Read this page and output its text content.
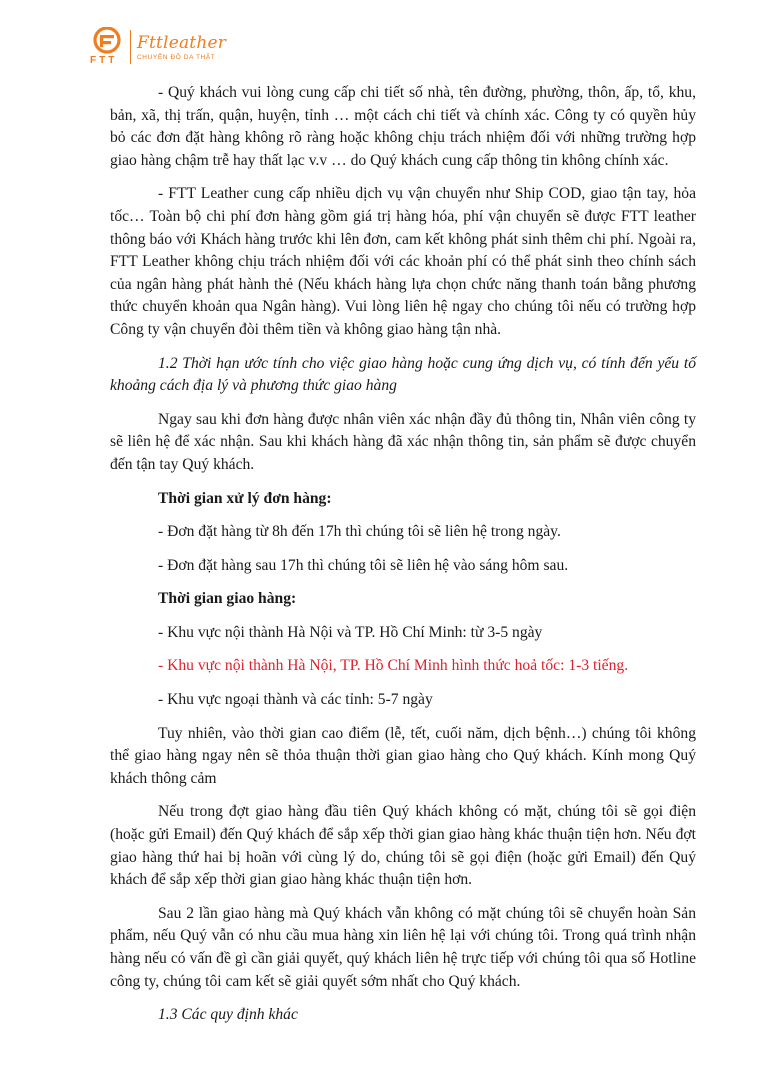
FTT
Fttleather
CHUYÊN ĐỒ DA THẬT

- Quý khách vui lòng cung cấp chi tiết số nhà, tên đường, phường, thôn, ấp, tổ, khu, bản, xã, thị trấn, quận, huyện, tỉnh … một cách chi tiết và chính xác. Công ty có quyền hủy bỏ các đơn đặt hàng không rõ ràng hoặc không chịu trách nhiệm đối với những trường hợp giao hàng chậm trễ hay thất lạc v.v … do Quý khách cung cấp thông tin không chính xác.

- FTT Leather cung cấp nhiều dịch vụ vận chuyển như Ship COD, giao tận tay, hỏa tốc… Toàn bộ chi phí đơn hàng gồm giá trị hàng hóa, phí vận chuyển sẽ được FTT leather thông báo với Khách hàng trước khi lên đơn, cam kết không phát sinh thêm chi phí. Ngoài ra, FTT Leather không chịu trách nhiệm đối với các khoản phí có thể phát sinh theo chính sách của ngân hàng phát hành thẻ (Nếu khách hàng lựa chọn chức năng thanh toán bằng phương thức chuyển khoản qua Ngân hàng). Vui lòng liên hệ ngay cho chúng tôi nếu có trường hợp Công ty vận chuyển đòi thêm tiền và không giao hàng tận nhà.

1.2 Thời hạn ước tính cho việc giao hàng hoặc cung ứng dịch vụ, có tính đến yếu tố khoảng cách địa lý và phương thức giao hàng

Ngay sau khi đơn hàng được nhân viên xác nhận đầy đủ thông tin, Nhân viên công ty sẽ liên hệ để xác nhận. Sau khi khách hàng đã xác nhận thông tin, sản phẩm sẽ được chuyển đến tận tay Quý khách.

Thời gian xử lý đơn hàng:

- Đơn đặt hàng từ 8h đến 17h thì chúng tôi sẽ liên hệ trong ngày.

- Đơn đặt hàng sau 17h thì chúng tôi sẽ liên hệ vào sáng hôm sau.

Thời gian giao hàng:

- Khu vực nội thành Hà Nội và TP. Hồ Chí Minh: từ 3-5 ngày

- Khu vực nội thành Hà Nội, TP. Hồ Chí Minh hình thức hoả tốc: 1-3 tiếng.

- Khu vực ngoại thành và các tỉnh: 5-7 ngày

Tuy nhiên, vào thời gian cao điểm (lễ, tết, cuối năm, dịch bệnh…) chúng tôi không thể giao hàng ngay nên sẽ thỏa thuận thời gian giao hàng cho Quý khách. Kính mong Quý khách thông cảm

Nếu trong đợt giao hàng đầu tiên Quý khách không có mặt, chúng tôi sẽ gọi điện (hoặc gửi Email) đến Quý khách để sắp xếp thời gian giao hàng khác thuận tiện hơn. Nếu đợt giao hàng thứ hai bị hoãn với cùng lý do, chúng tôi sẽ gọi điện (hoặc gửi Email) đến Quý khách để sắp xếp thời gian giao hàng khác thuận tiện hơn.

Sau 2 lần giao hàng mà Quý khách vẫn không có mặt chúng tôi sẽ chuyển hoàn Sản phẩm, nếu Quý vẫn có nhu cầu mua hàng xin liên hệ lại với chúng tôi. Trong quá trình nhận hàng nếu có vấn đề gì cần giải quyết, quý khách liên hệ trực tiếp với chúng tôi qua số Hotline công ty, chúng tôi cam kết sẽ giải quyết sớm nhất cho Quý khách.

1.3 Các quy định khác
